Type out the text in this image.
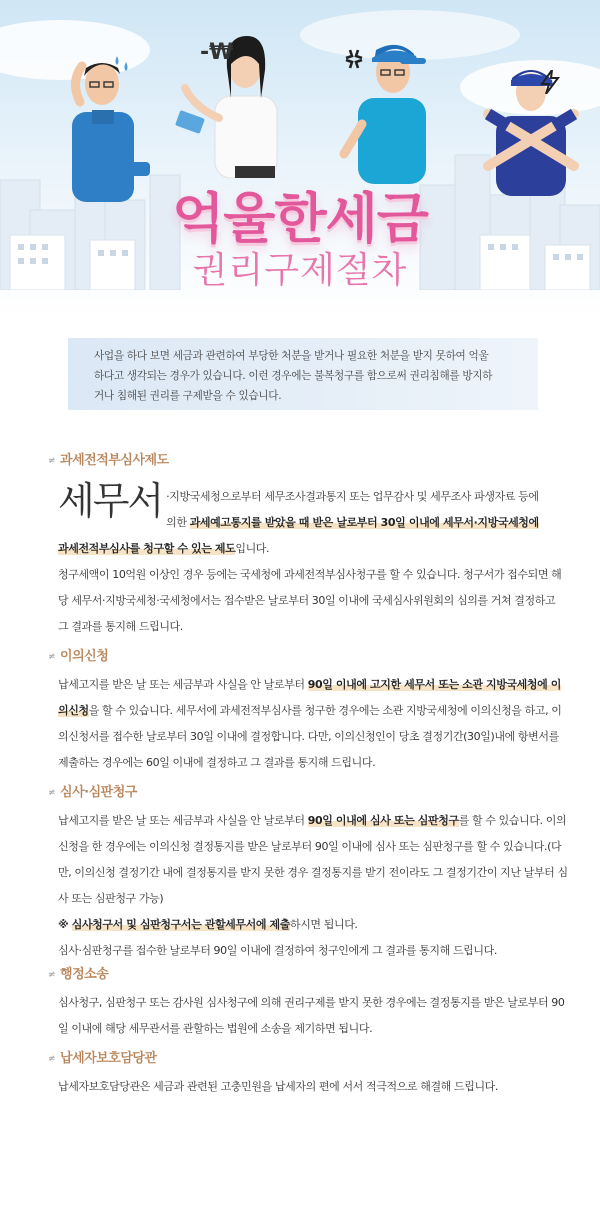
-₩
억울한세금
권리구제절차
사업을 하다 보면 세금과 관련하여 부당한 처분을 받거나 필요한 처분을 받지 못하여 억울
하다고 생각되는 경우가 있습니다. 이런 경우에는 불복청구를 함으로써 권리침해를 방지하
거나 침해된 권리를 구제받을 수 있습니다.
≠ 과세전적부심사제도
세무서 ·지방국세청으로부터 세무조사결과통지 또는 업무감사 및 세무조사 파생자료 등에
의한 과세예고통지를 받았을 때 받은 날로부터 30일 이내에 세무서·지방국세청에
과세전적부심사를 청구할 수 있는 제도입니다.
청구세액이 10억원 이상인 경우 등에는 국세청에 과세전적부심사청구를 할 수 있습니다. 청구서가 접수되면 해당 세무서·지방국세청·국세청에서는 접수받은 날로부터 30일 이내에 국세심사위원회의 심의를 거쳐 결정하고 그 결과를 통지해 드립니다.
≠ 이의신청
납세고지를 받은 날 또는 세금부과 사실을 안 날로부터 90일 이내에 고지한 세무서 또는 소관 지방국세청에 이의신청을 할 수 있습니다. 세무서에 과세전적부심사를 청구한 경우에는 소관 지방국세청에 이의신청을 하고, 이의신청서를 접수한 날로부터 30일 이내에 결정합니다. 다만, 이의신청인이 당초 결정기간(30일)내에 항변서를 제출하는 경우에는 60일 이내에 결정하고 그 결과를 통지해 드립니다.
≠ 심사·심판청구
납세고지를 받은 날 또는 세금부과 사실을 안 날로부터 90일 이내에 심사 또는 심판청구를 할 수 있습니다. 이의신청을 한 경우에는 이의신청 결정통지를 받은 날로부터 90일 이내에 심사 또는 심판청구를 할 수 있습니다.(다만, 이의신청 결정기간 내에 결정통지를 받지 못한 경우 결정통지를 받기 전이라도 그 결정기간이 지난 날부터 심사 또는 심판청구 가능)
※ 심사청구서 및 심판청구서는 관할세무서에 제출하시면 됩니다.
심사·심판청구를 접수한 날로부터 90일 이내에 결정하여 청구인에게 그 결과를 통지해 드립니다.
≠ 행정소송
심사청구, 심판청구 또는 감사원 심사청구에 의해 권리구제를 받지 못한 경우에는 결정통지를 받은 날로부터 90일 이내에 해당 세무관서를 관할하는 법원에 소송을 제기하면 됩니다.
≠ 납세자보호담당관
납세자보호담당관은 세금과 관련된 고충민원을 납세자의 편에 서서 적극적으로 해결해 드립니다.
